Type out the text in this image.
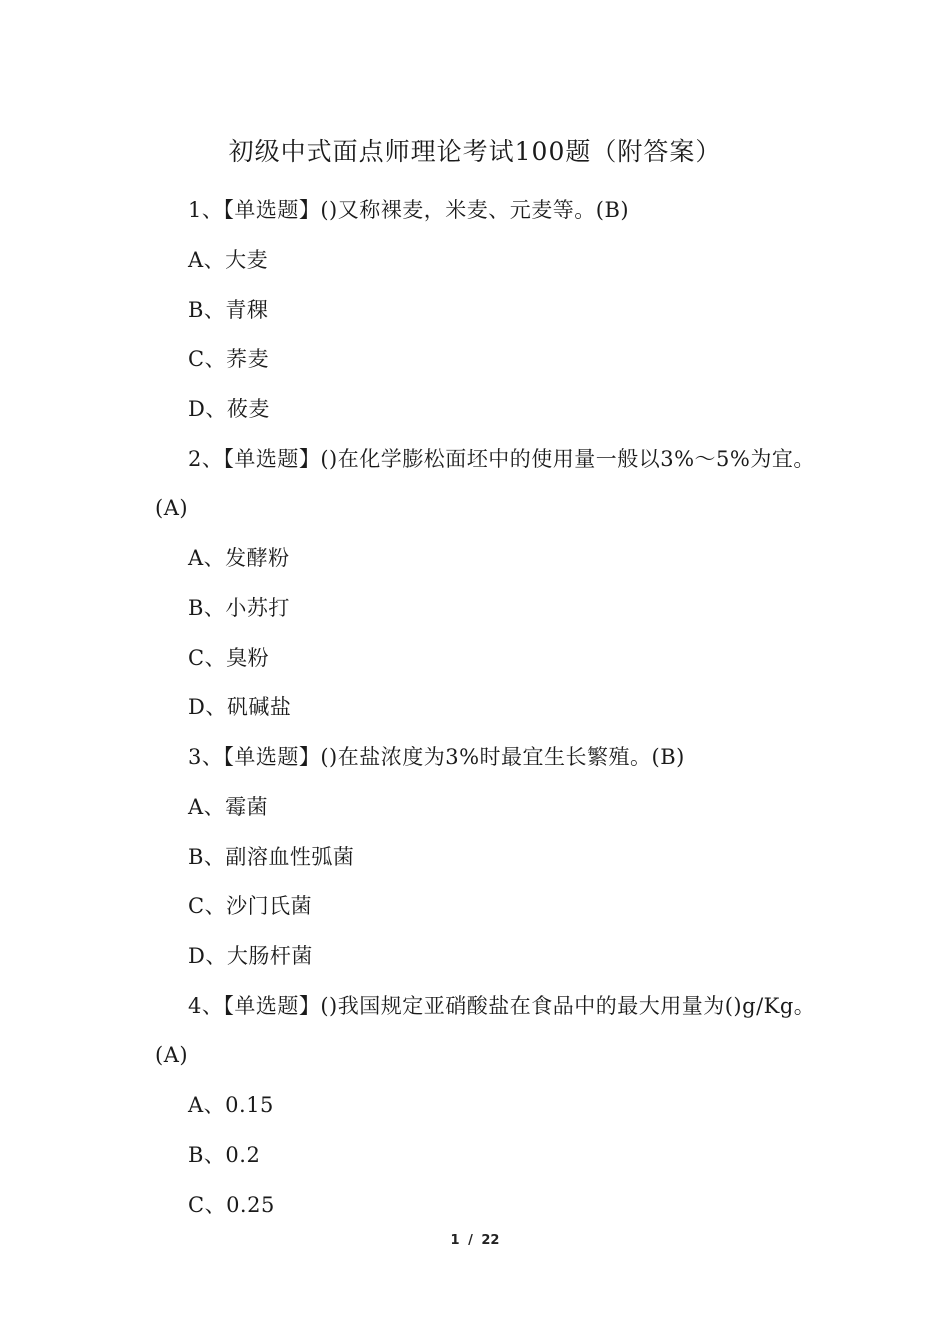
初级中式面点师理论考试100题（附答案）
1、【单选题】()又称裸麦，米麦、元麦等。(B)
A、大麦
B、青稞
C、荞麦
D、莜麦
2、【单选题】()在化学膨松面坯中的使用量一般以3%～5%为宜。
(A)
A、发酵粉
B、小苏打
C、臭粉
D、矾碱盐
3、【单选题】()在盐浓度为3%时最宜生长繁殖。(B)
A、霉菌
B、副溶血性弧菌
C、沙门氏菌
D、大肠杆菌
4、【单选题】()我国规定亚硝酸盐在食品中的最大用量为()g/Kg。
(A)
A、0.15
B、0.2
C、0.25
1 / 22
